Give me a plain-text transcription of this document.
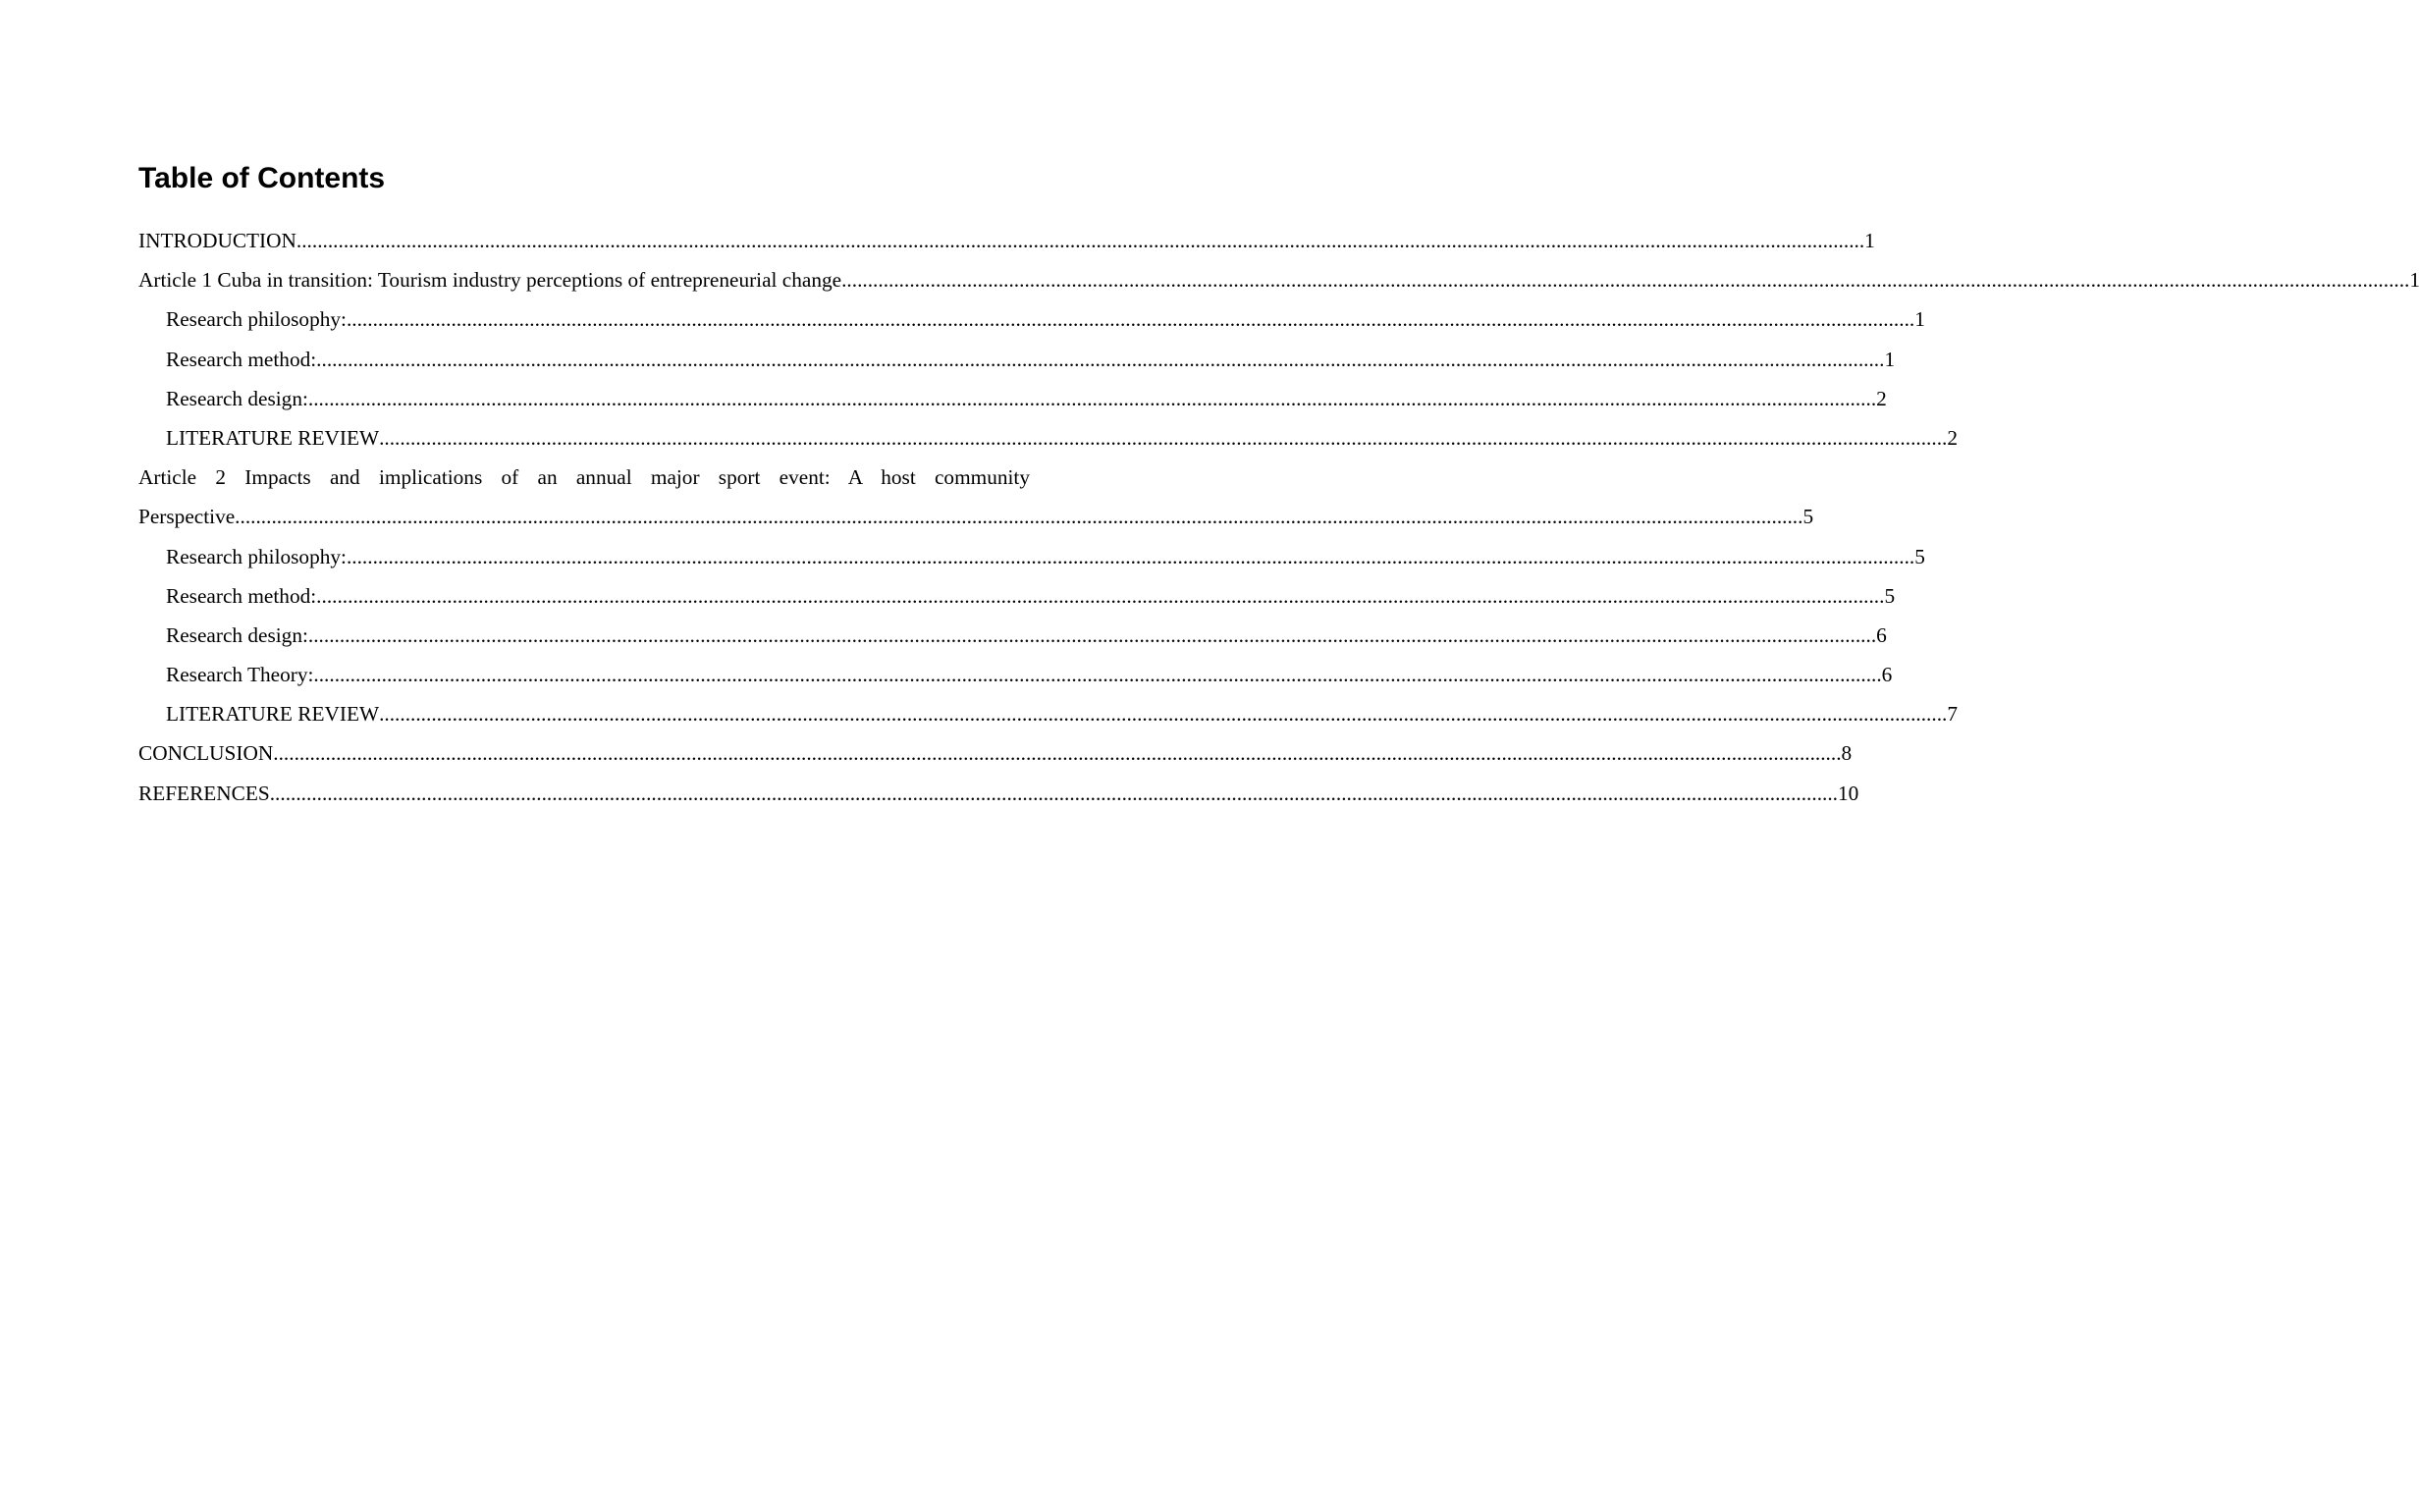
Table of Contents
INTRODUCTION ............................................................................................................................................................................................................................................................................................................ 1
Article 1 Cuba in transition: Tourism industry perceptions of entrepreneurial change ............................................................................................................................................................................................................................................................................................................ 1
Research philosophy: ............................................................................................................................................................................................................................................................................................................ 1
Research method: ............................................................................................................................................................................................................................................................................................................ 1
Research design: ............................................................................................................................................................................................................................................................................................................ 2
LITERATURE REVIEW ............................................................................................................................................................................................................................................................................................................ 2
Article 2 Impacts and implications of an annual major sport event: A host community
Perspective ............................................................................................................................................................................................................................................................................................................ 5
Research philosophy: ............................................................................................................................................................................................................................................................................................................ 5
Research method: ............................................................................................................................................................................................................................................................................................................ 5
Research design: ............................................................................................................................................................................................................................................................................................................ 6
Research Theory: ............................................................................................................................................................................................................................................................................................................ 6
LITERATURE REVIEW ............................................................................................................................................................................................................................................................................................................ 7
CONCLUSION ............................................................................................................................................................................................................................................................................................................ 8
REFERENCES ............................................................................................................................................................................................................................................................................................................ 10
